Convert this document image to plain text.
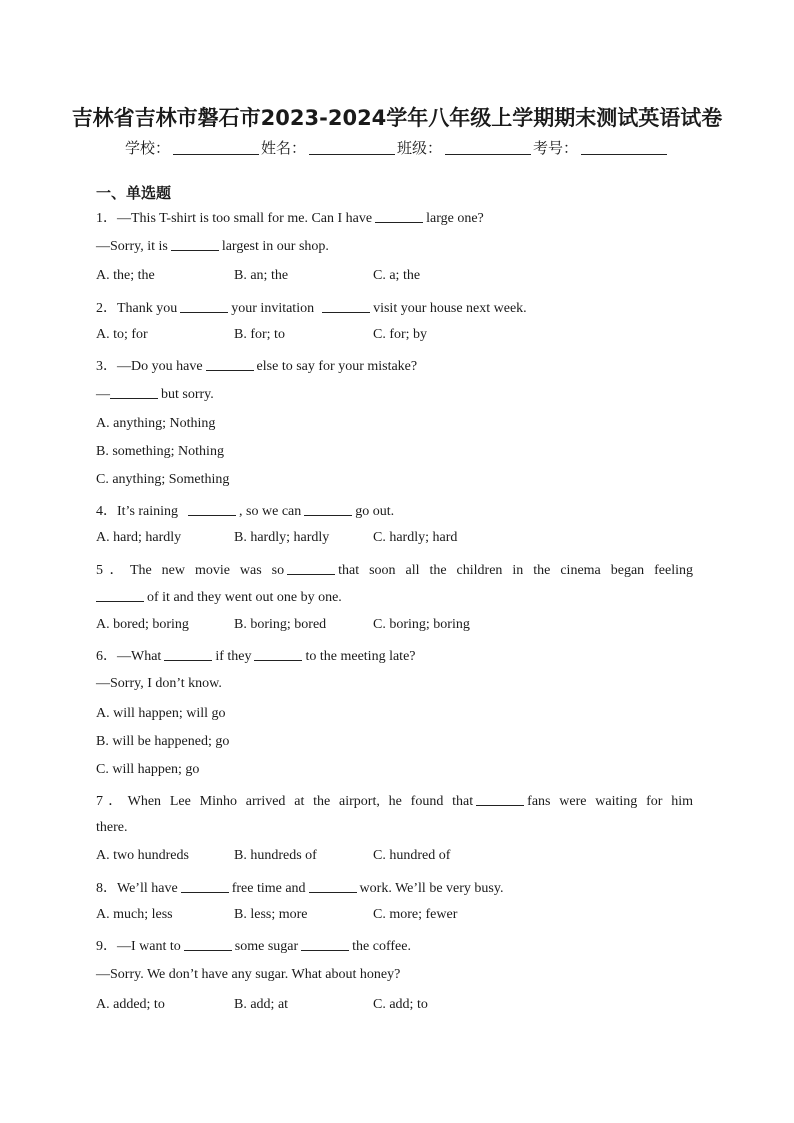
吉林省吉林市磐石市2023-2024学年八年级上学期期末测试英语试卷
学校：	姓名：	班级：	考号：
一、单选题
1．—This T-shirt is too small for me. Can I have	large one?
—Sorry, it is	largest in our shop.
A. the; the	B. an; the	C. a; the
2．Thank you	your invitation	visit your house next week.
A. to; for	B. for; to	C. for; by
3．—Do you have	else to say for your mistake?
—	but sorry.
A. anything; Nothing
B. something; Nothing
C. anything; Something
4．It’s raining	, so we can	go out.
A. hard; hardly	B. hardly; hardly	C. hardly; hard
5．The new movie was so	that soon all the children in the cinema began feeling
of it and they went out one by one.
A. bored; boring	B. boring; bored	C. boring; boring
6．—What	if they	to the meeting late?
—Sorry, I don’t know.
A. will happen; will go
B. will be happened; go
C. will happen; go
7．When Lee Minho arrived at the airport, he found that	fans were waiting for him
there.
A. two hundreds	B. hundreds of	C. hundred of
8．We’ll have	free time and	work. We’ll be very busy.
A. much; less	B. less; more	C. more; fewer
9．—I want to	some sugar	the coffee.
—Sorry. We don’t have any sugar. What about honey?
A. added; to	B. add; at	C. add; to
